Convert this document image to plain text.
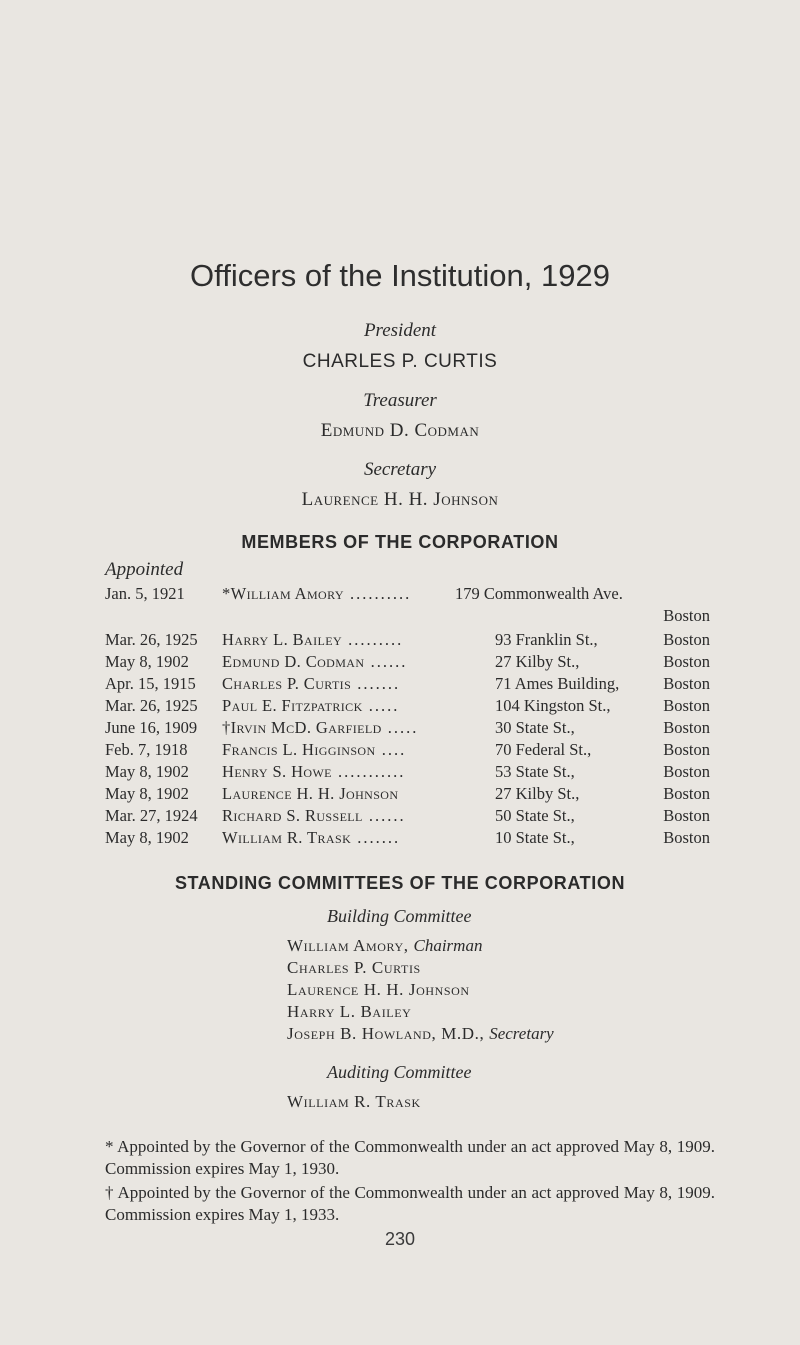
Officers of the Institution, 1929
President
CHARLES P. CURTIS
Treasurer
Edmund D. Codman
Secretary
Laurence H. H. Johnson
MEMBERS OF THE CORPORATION
Appointed
Jan. 5, 1921 *William Amory ..........	179 Commonwealth Ave.
Boston
Mar. 26, 1925 Harry L. Bailey .........	93 Franklin St.,	Boston
May 8, 1902 Edmund D. Codman ......	27 Kilby St.,	Boston
Apr. 15, 1915 Charles P. Curtis .......	71 Ames Building,	Boston
Mar. 26, 1925 Paul E. Fitzpatrick .....	104 Kingston St.,	Boston
June 16, 1909 †Irvin McD. Garfield .....	30 State St.,	Boston
Feb. 7, 1918 Francis L. Higginson ....	70 Federal St.,	Boston
May 8, 1902 Henry S. Howe ...........	53 State St.,	Boston
May 8, 1902 Laurence H. H. Johnson	27 Kilby St.,	Boston
Mar. 27, 1924 Richard S. Russell ......	50 State St.,	Boston
May 8, 1902 William R. Trask .......	10 State St.,	Boston
STANDING COMMITTEES OF THE CORPORATION
Building Committee
William Amory, Chairman
Charles P. Curtis
Laurence H. H. Johnson
Harry L. Bailey
Joseph B. Howland, M.D., Secretary
Auditing Committee
William R. Trask
* Appointed by the Governor of the Commonwealth under an act approved May 8, 1909. Commission expires May 1, 1930.
† Appointed by the Governor of the Commonwealth under an act approved May 8, 1909. Commission expires May 1, 1933.
230
